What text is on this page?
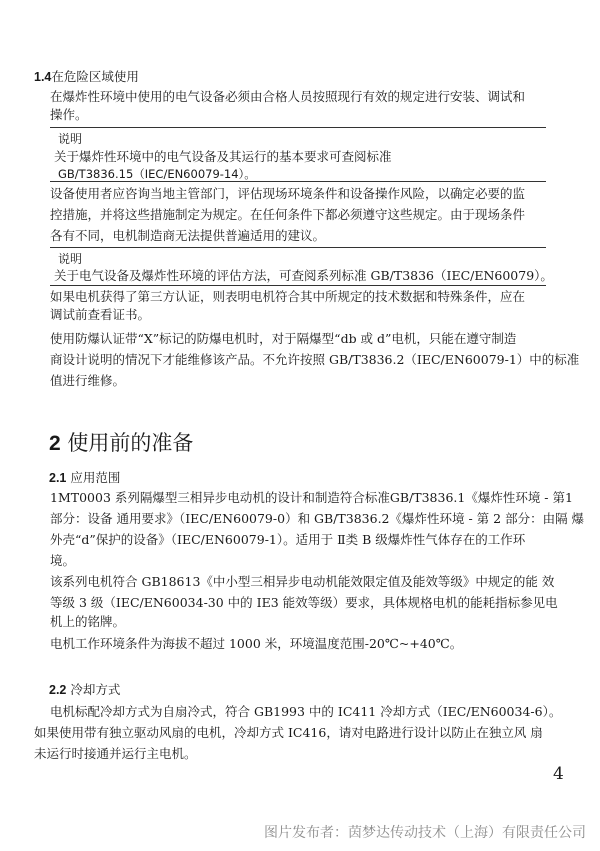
1.4在危险区域使用
在爆炸性环境中使用的电气设备必须由合格人员按照现行有效的规定进行安装、调试和
操作。
说明
关于爆炸性环境中的电气设备及其运行的基本要求可查阅标准
GB/T3836.15（IEC/EN60079-14）。
设备使用者应咨询当地主管部门，评估现场环境条件和设备操作风险，以确定必要的监
控措施，并将这些措施制定为规定。在任何条件下都必须遵守这些规定。由于现场条件
各有不同，电机制造商无法提供普遍适用的建议。
说明
关于电气设备及爆炸性环境的评估方法，可查阅系列标准 GB/T3836（IEC/EN60079）。
如果电机获得了第三方认证，则表明电机符合其中所规定的技术数据和特殊条件，应在
调试前查看证书。
使用防爆认证带“X”标记的防爆电机时，对于隔爆型“db 或 d”电机，只能在遵守制造
商设计说明的情况下才能维修该产品。不允许按照 GB/T3836.2（IEC/EN60079-1）中的标准
值进行维修。
2 使用前的准备
2.1 应用范围
1MT0003 系列隔爆型三相异步电动机的设计和制造符合标准GB/T3836.1《爆炸性环境 - 第1
部分：设备 通用要求》（IEC/EN60079-0）和 GB/T3836.2《爆炸性环境 - 第 2 部分：由隔 爆
外壳“d”保护的设备》（IEC/EN60079-1）。适用于 Ⅱ类 B 级爆炸性气体存在的工作环
境。
该系列电机符合 GB18613《中小型三相异步电动机能效限定值及能效等级》中规定的能 效
等级 3 级（IEC/EN60034-30 中的 IE3 能效等级）要求，具体规格电机的能耗指标参见电
机上的铭牌。
电机工作环境条件为海拔不超过 1000 米，环境温度范围-20℃~+40℃。
2.2 冷却方式
电机标配冷却方式为自扇冷式，符合 GB1993 中的 IC411 冷却方式（IEC/EN60034-6）。
如果使用带有独立驱动风扇的电机，冷却方式 IC416，请对电路进行设计以防止在独立风 扇
未运行时接通并运行主电机。
4
图片发布者：茵梦达传动技术（上海）有限责任公司
